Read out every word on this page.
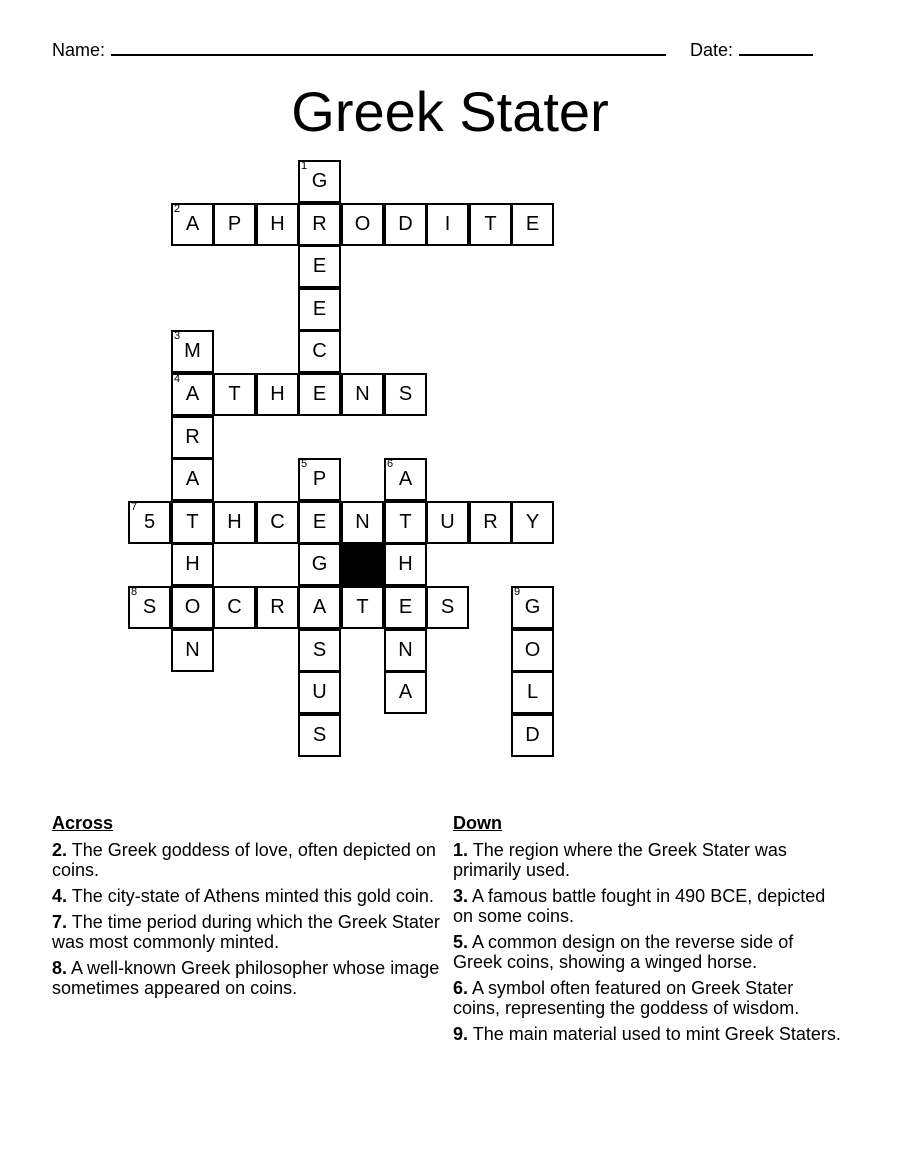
Name:	Date:
Greek Stater
1
G
R
E
E
C
E
2
A	P	H	O	D	I	T	E
3
M
4
A
R
A
T
H
O
N
T	H	N	S
5
P
E
G
A
S
U
S
6
A
T
H
E
N
A
7
5	H	C	N	U	R	Y
8
S	C	R	T	S
9
G
O
L
D
Across
2. The Greek goddess of love, often depicted on coins.
4. The city-state of Athens minted this gold coin.
7. The time period during which the Greek Stater was most commonly minted.
8. A well-known Greek philosopher whose image sometimes appeared on coins.
Down
1. The region where the Greek Stater was primarily used.
3. A famous battle fought in 490 BCE, depicted on some coins.
5. A common design on the reverse side of Greek coins, showing a winged horse.
6. A symbol often featured on Greek Stater coins, representing the goddess of wisdom.
9. The main material used to mint Greek Staters.
